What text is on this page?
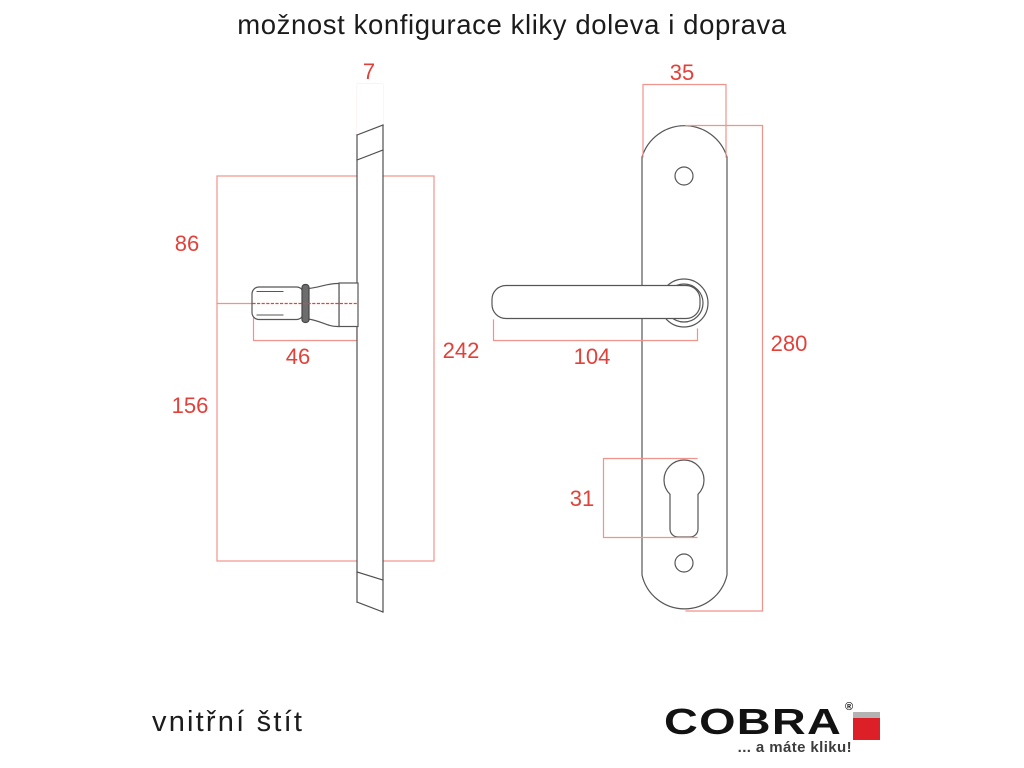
možnost konfigurace kliky doleva i doprava
7
86
46
156
242
35
104
31
280
vnitřní štít	COBRA ®
... a máte kliku!
